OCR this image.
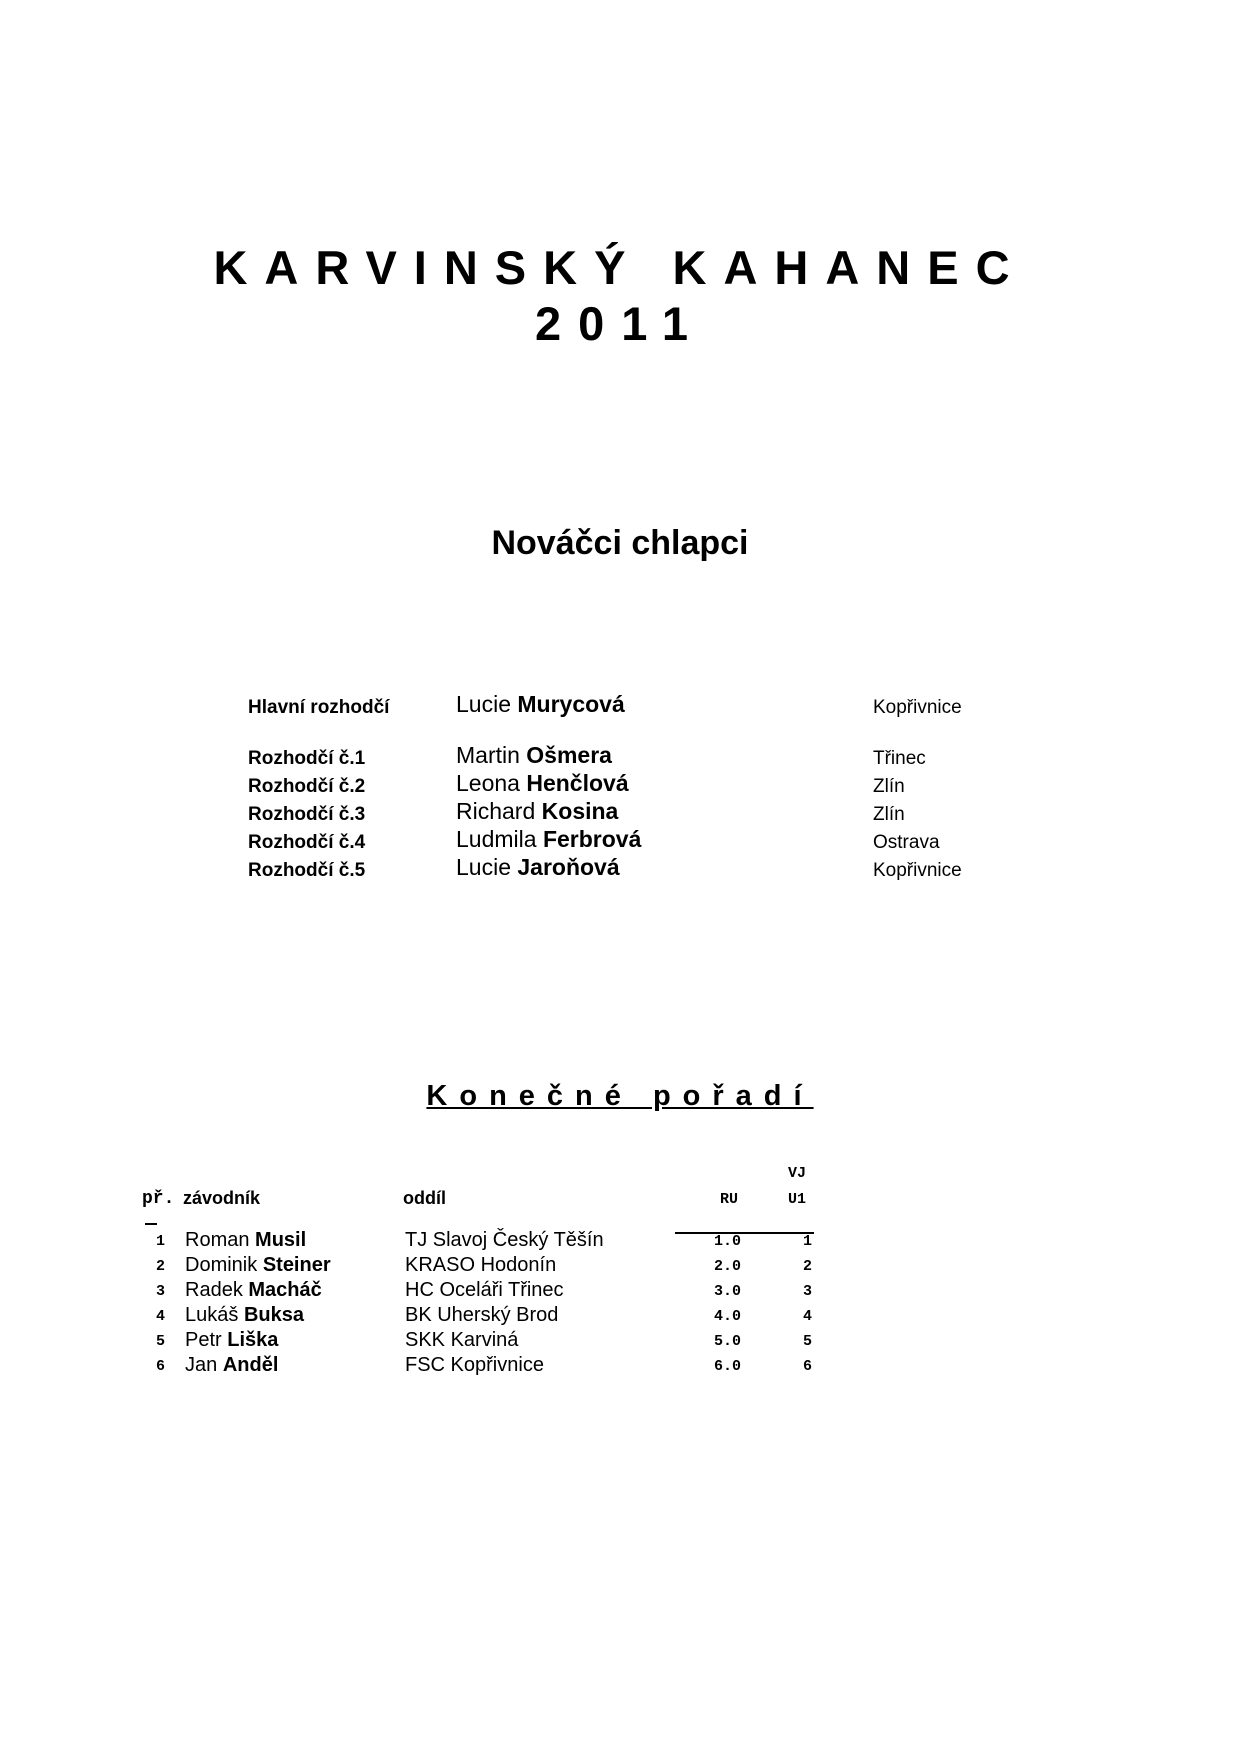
KARVINSKÝ KAHANEC
2011
Nováčci chlapci
Hlavní rozhodčí	Lucie Murycová	Kopřivnice
Rozhodčí č.1	Martin Ošmera	Třinec
Rozhodčí č.2	Leona Henčlová	Zlín
Rozhodčí č.3	Richard Kosina	Zlín
Rozhodčí č.4	Ludmila Ferbrová	Ostrava
Rozhodčí č.5	Lucie Jaroňová	Kopřivnice
Konečné pořadí
VJ
př. závodník	oddíl	RU	U1
1 Roman Musil	TJ Slavoj Český Těšín	1.0	1
2 Dominik Steiner	KRASO Hodonín	2.0	2
3 Radek Macháč	HC Oceláři Třinec	3.0	3
4 Lukáš Buksa	BK Uherský Brod	4.0	4
5 Petr Liška	SKK Karviná	5.0	5
6 Jan Anděl	FSC Kopřivnice	6.0	6
